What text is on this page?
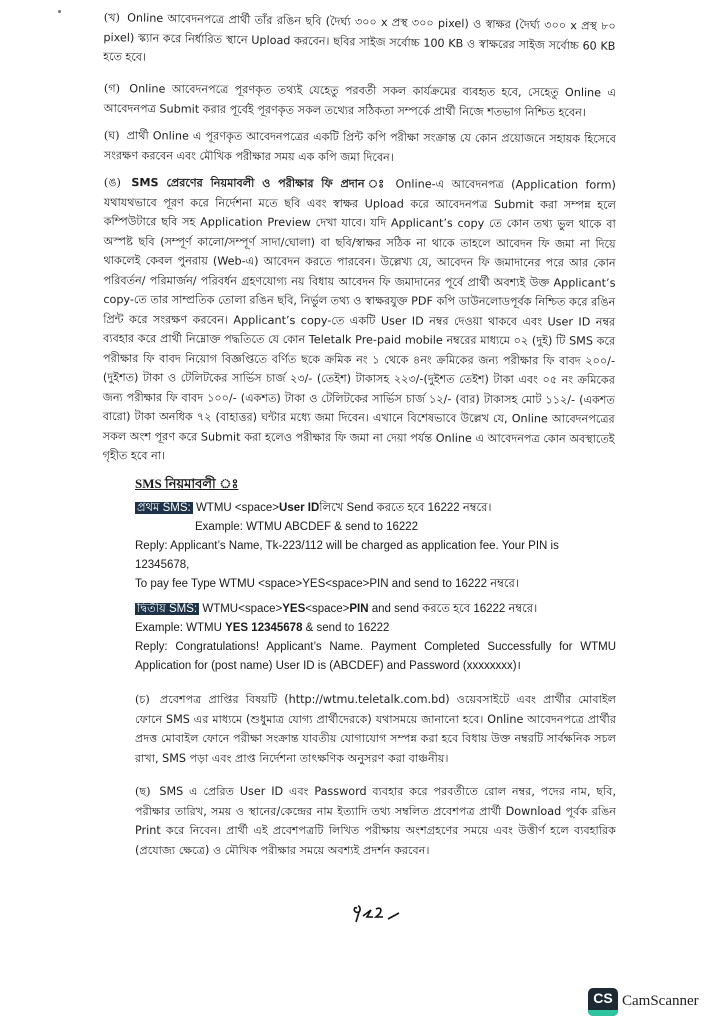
(খ) Online আবেদনপত্রে প্রার্থী তাঁর রঙিন ছবি (দৈর্ঘ্য ৩০০ x প্রস্থ ৩০০ pixel) ও স্বাক্ষর (দৈর্ঘ্য ৩০০ x প্রস্থ ৮০ pixel) স্ক্যান করে নির্ধারিত স্থানে Upload করবেন। ছবির সাইজ সর্বোচ্চ 100 KB ও স্বাক্ষরের সাইজ সর্বোচ্চ 60 KB হতে হবে।
(গ) Online আবেদনপত্রে পূরণকৃত তথ্যই যেহেতু পরবর্তী সকল কার্যক্রমের ব্যবহৃত হবে, সেহেতু Online এ আবেদনপত্র Submit করার পূর্বেই পূরণকৃত সকল তথ্যের সঠিকতা সম্পর্কে প্রার্থী নিজে শতভাগ নিশ্চিত হবেন।
(ঘ) প্রার্থী Online এ পূরণকৃত আবেদনপত্রের একটি প্রিন্ট কপি পরীক্ষা সংক্রান্ত যে কোন প্রয়োজনে সহায়ক হিসেবে সংরক্ষণ করবেন এবং মৌখিক পরীক্ষার সময় এক কপি জমা দিবেন।
(ঙ) SMS প্রেরণের নিয়মাবলী ও পরীক্ষার ফি প্রদান ঃ Online-এ আবেদনপত্র (Application form) যথাযথভাবে পূরণ করে নির্দেশনা মতে ছবি এবং স্বাক্ষর Upload করে আবেদনপত্র Submit করা সম্পন্ন হলে কম্পিউটারে ছবি সহ Application Preview দেখা যাবে। যদি Applicant’s copy তে কোন তথ্য ভুল থাকে বা অস্পষ্ট ছবি (সম্পূর্ণ কালো/সম্পূর্ণ সাদা/ঘোলা) বা ছবি/স্বাক্ষর সঠিক না থাকে তাহলে আবেদন ফি জমা না দিয়ে থাকলেই কেবল পুনরায় (Web-এ) আবেদন করতে পারবেন। উল্লেখ্য যে, আবেদন ফি জমাদানের পরে আর কোন পরিবর্তন/ পরিমার্জন/ পরিবর্ধন গ্রহণযোগ্য নয় বিধায় আবেদন ফি জমাদানের পূর্বে প্রার্থী অবশ্যই উক্ত Applicant’s copy-তে তার সাম্প্রতিক তোলা রঙিন ছবি, নির্ভুল তথ্য ও স্বাক্ষরযুক্ত PDF কপি ডাউনলোডপূর্বক নিশ্চিত করে রঙিন প্রিন্ট করে সংরক্ষণ করবেন। Applicant’s copy-তে একটি User ID নম্বর দেওয়া থাকবে এবং User ID নম্বর ব্যবহার করে প্রার্থী নিম্নোক্ত পদ্ধতিতে যে কোন Teletalk Pre-paid mobile নম্বরের মাধ্যমে ০২ (দুই) টি SMS করে পরীক্ষার ফি বাবদ নিয়োগ বিজ্ঞপ্তিতে বর্ণিত ছকে ক্রমিক নং ১ থেকে ৪নং ক্রমিকের জন্য পরীক্ষার ফি বাবদ ২০০/- (দুইশত) টাকা ও টেলিটকের সার্ভিস চার্জ ২৩/- (তেইশ) টাকাসহ ২২৩/-(দুইশত তেইশ) টাকা এবং ০৫ নং ক্রমিকের জন্য পরীক্ষার ফি বাবদ ১০০/- (একশত) টাকা ও টেলিটকের সার্ভিস চার্জ ১২/- (বার) টাকাসহ মোট ১১২/- (একশত বারো) টাকা অনধিক ৭২ (বাহাত্তর) ঘন্টার মধ্যে জমা দিবেন। এখানে বিশেষভাবে উল্লেখ যে, Online আবেদনপত্রের সকল অংশ পূরণ করে Submit করা হলেও পরীক্ষার ফি জমা না দেয়া পর্যন্ত Online এ আবেদনপত্র কোন অবস্থাতেই গৃহীত হবে না।
SMS নিয়মাবলী ঃ
প্রথম SMS: WTMU <space>User IDলিখে Send করতে হবে 16222 নম্বরে।
Example: WTMU ABCDEF & send to 16222
Reply: Applicant’s Name, Tk-223/112 will be charged as application fee. Your PIN is 12345678,
To pay fee Type WTMU <space>YES<space>PIN and send to 16222 নম্বরে।
দ্বিতীয় SMS: WTMU<space>YES<space>PIN and send করতে হবে 16222 নম্বরে।
Example: WTMU YES 12345678 & send to 16222
Reply: Congratulations! Applicant’s Name. Payment Completed Successfully for WTMU Application for (post name) User ID is (ABCDEF) and Password (xxxxxxxx)।
(চ) প্রবেশপত্র প্রাপ্তির বিষয়টি (http://wtmu.teletalk.com.bd) ওয়েবসাইটে এবং প্রার্থীর মোবাইল ফোনে SMS এর মাধ্যমে (শুধুমাত্র যোগ্য প্রার্থীদেরকে) যথাসময়ে জানানো হবে। Online আবেদনপত্রে প্রার্থীর প্রদত্ত মোবাইল ফোনে পরীক্ষা সংক্রান্ত যাবতীয় যোগাযোগ সম্পন্ন করা হবে বিধায় উক্ত নম্বরটি সার্বক্ষনিক সচল রাখা, SMS পড়া এবং প্রাপ্ত নির্দেশনা তাৎক্ষণিক অনুসরণ করা বাঞ্চনীয়।
(ছ) SMS এ প্রেরিত User ID এবং Password ব্যবহার করে পরবর্তীতে রোল নম্বর, পদের নাম, ছবি, পরীক্ষার তারিখ, সময় ও স্থানের/কেন্দ্রের নাম ইত্যাদি তথ্য সম্বলিত প্রবেশপত্র প্রার্থী Download পূর্বক রঙিন Print করে নিবেন। প্রার্থী এই প্রবেশপত্রটি লিখিত পরীক্ষায় অংশগ্রহণের সময়ে এবং উত্তীর্ণ হলে ব্যবহারিক (প্রযোজ্য ক্ষেত্রে) ও মৌখিক পরীক্ষার সময়ে অবশ্যই প্রদর্শন করবেন।
CS CamScanner
